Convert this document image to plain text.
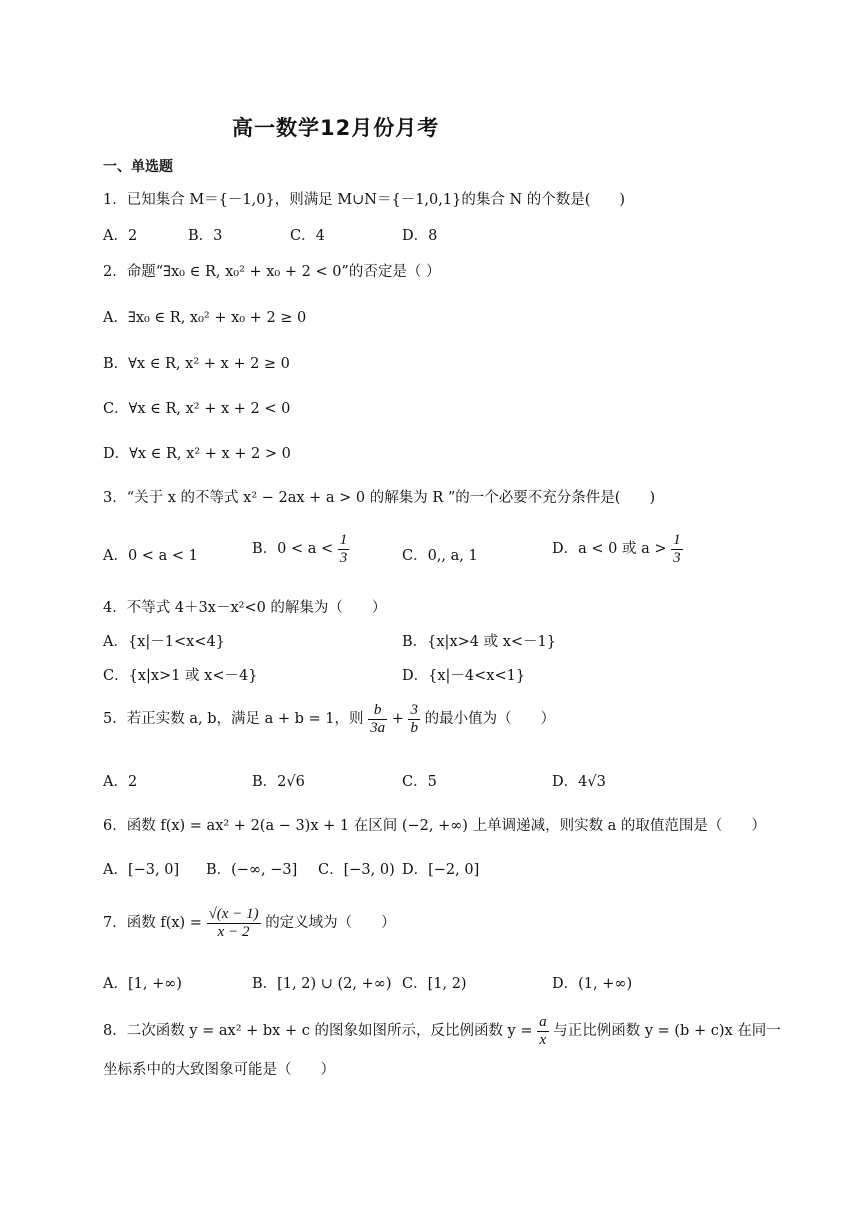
高一数学12月份月考
一、单选题
1．已知集合 M＝{－1,0}，则满足 M∪N＝{－1,0,1}的集合 N 的个数是(　　)
A．2	B．3	C．4	D．8
2．命题“∃x₀ ∈ R, x₀² + x₀ + 2 < 0”的否定是（ ）
A．∃x₀ ∈ R, x₀² + x₀ + 2 ≥ 0
B．∀x ∈ R, x² + x + 2 ≥ 0
C．∀x ∈ R, x² + x + 2 < 0
D．∀x ∈ R, x² + x + 2 > 0
3．“关于 x 的不等式 x² − 2ax + a > 0 的解集为 R ”的一个必要不充分条件是(　　)
A．0 < a < 1	B．$0 < a < \frac{1}{3}$	C．0,, a, 1	D．a < 0 或 $a > \frac{1}{3}$
4．不等式 4＋3x－x²<0 的解集为（　　）
A．{x|－1<x<4}	B．{x|x>4 或 x<－1}
C．{x|x>1 或 x<－4}	D．{x|－4<x<1}
5．若正实数 a, b，满足 a + b = 1，则 $\frac{b}{3a} + \frac{3}{b}$ 的最小值为（　　）
A．2	B．2√6	C．5	D．4√3
6．函数 f(x) = ax² + 2(a − 3)x + 1 在区间 (−2, +∞) 上单调递减，则实数 a 的取值范围是（　　）
A．[−3, 0] B．(−∞, −3] C．[−3, 0) D．[−2, 0]
7．函数 $f(x) = \frac{√(x - 1)}{x - 2}$ 的定义域为（　　）
A．[1, +∞)	B．[1, 2) ∪ (2, +∞) C．[1, 2)	D．(1, +∞)
8．二次函数 y = ax² + bx + c 的图象如图所示，反比例函数 $y = \frac{a}{x}$ 与正比例函数 y = (b + c)x 在同一
坐标系中的大致图象可能是（　　）
